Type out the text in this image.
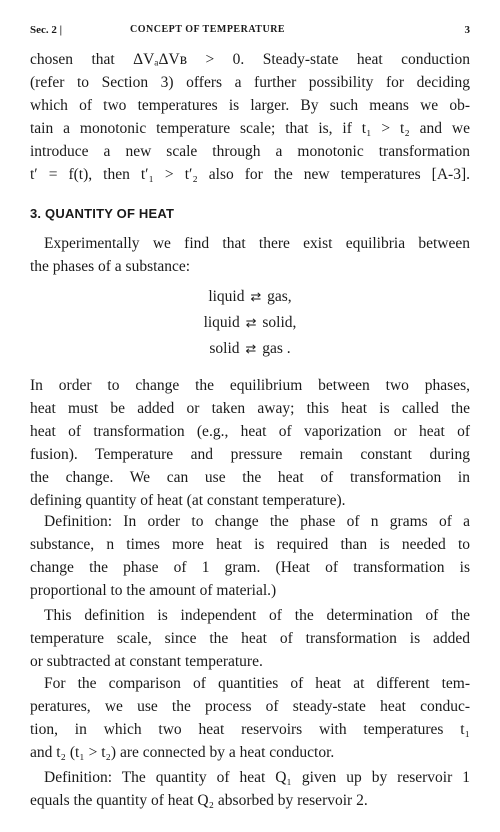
Sec. 2 |	CONCEPT OF TEMPERATURE	3
chosen that ΔVₐΔVʙ > 0. Steady-state heat conduction
(refer to Section 3) offers a further possibility for deciding
which of two temperatures is larger. By such means we ob-
tain a monotonic temperature scale; that is, if t₁ > t₂ and we
introduce a new scale through a monotonic transformation
t′ = f(t), then t′₁ > t′₂ also for the new temperatures [A-3].
3. QUANTITY OF HEAT
Experimentally we find that there exist equilibria between
the phases of a substance:
liquid ⇄ gas,
liquid ⇄ solid,
solid ⇄ gas .
In order to change the equilibrium between two phases,
heat must be added or taken away; this heat is called the
heat of transformation (e.g., heat of vaporization or heat of
fusion). Temperature and pressure remain constant during
the change. We can use the heat of transformation in
defining quantity of heat (at constant temperature).
Definition: In order to change the phase of n grams of a
substance, n times more heat is required than is needed to
change the phase of 1 gram. (Heat of transformation is
proportional to the amount of material.)
This definition is independent of the determination of the
temperature scale, since the heat of transformation is added
or subtracted at constant temperature.
For the comparison of quantities of heat at different tem-
peratures, we use the process of steady-state heat conduc-
tion, in which two heat reservoirs with temperatures t₁
and t₂ (t₁ > t₂) are connected by a heat conductor.
Definition: The quantity of heat Q₁ given up by reservoir 1
equals the quantity of heat Q₂ absorbed by reservoir 2.
